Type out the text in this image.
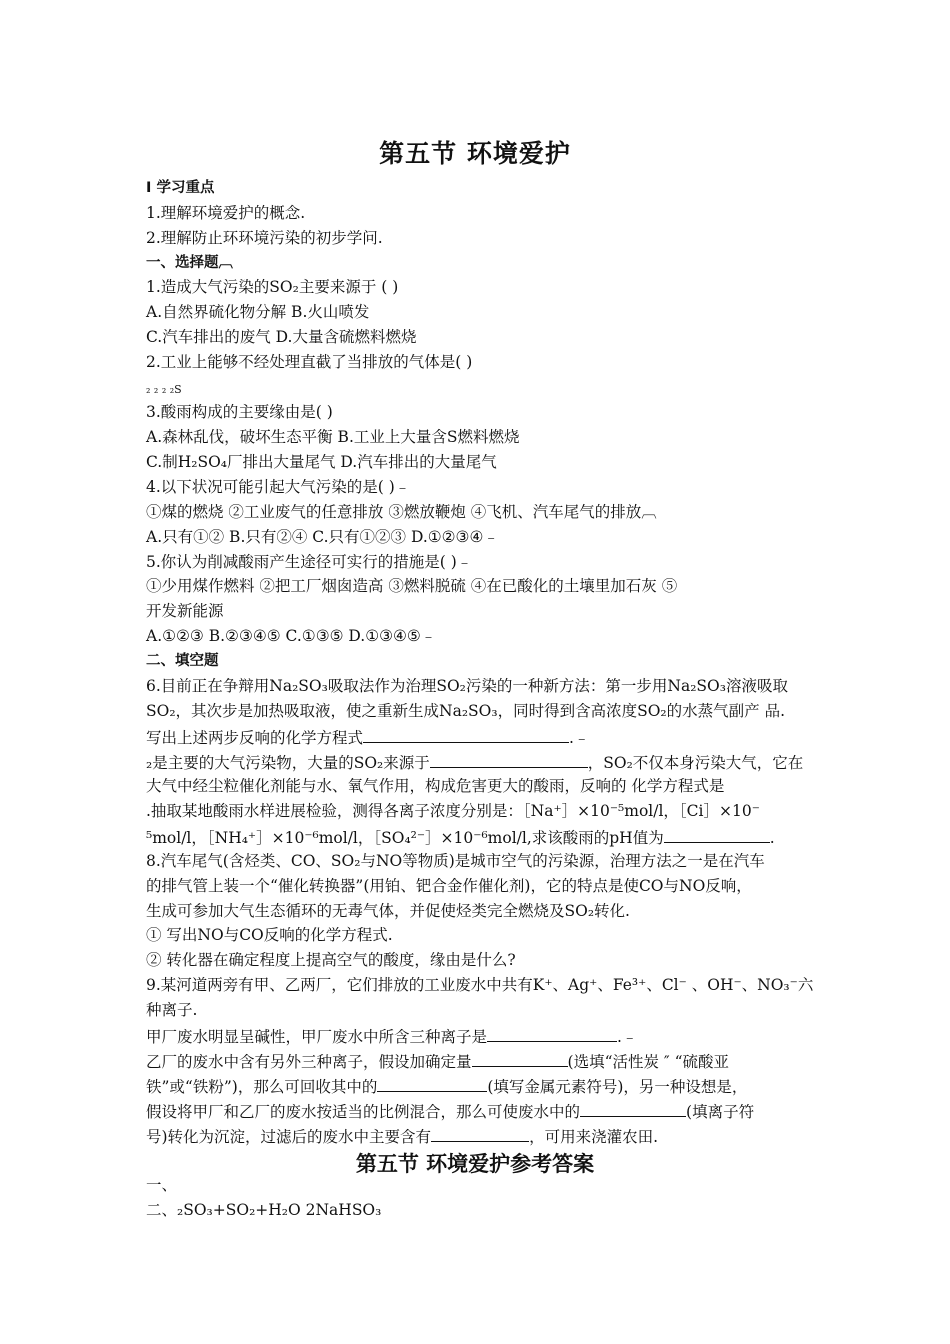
第五节 环境爱护
Ⅰ 学习重点
1.理解环境爱护的概念.
2.理解防止环环境污染的初步学问.
一、选择题︹
1.造成大气污染的SO₂主要来源于 ( )
A.自然界硫化物分解 B.火山喷发
C.汽车排出的废气 D.大量含硫燃料燃烧
2.工业上能够不经处理直截了当排放的气体是( )
₂ ₂ ₂ ₂S
3.酸雨构成的主要缘由是( )
A.森林乱伐，破坏生态平衡 B.工业上大量含S燃料燃烧
C.制H₂SO₄厂排出大量尾气 D.汽车排出的大量尾气
4.以下状况可能引起大气污染的是( )﹣
①煤的燃烧 ②工业废气的任意排放 ③燃放鞭炮 ④飞机、汽车尾气的排放︹
A.只有①② B.只有②④ C.只有①②③ D.①②③④﹣
5.你认为削减酸雨产生途径可实行的措施是( )﹣
①少用煤作燃料 ②把工厂烟囱造高 ③燃料脱硫 ④在已酸化的土壤里加石灰 ⑤
开发新能源
A.①②③ B.②③④⑤ C.①③⑤ D.①③④⑤﹣
二、填空题
6.目前正在争辩用Na₂SO₃吸取法作为治理SO₂污染的一种新方法：第一步用Na₂SO₃溶液吸取
SO₂，其次步是加热吸取液，使之重新生成Na₂SO₃，同时得到含高浓度SO₂的水蒸气副产 品.
写出上述两步反响的化学方程式	.﹣
₂是主要的大气污染物，大量的SO₂来源于	，SO₂不仅本身污染大气，它在
大气中经尘粒催化剂能与水、氧气作用，构成危害更大的酸雨，反响的 化学方程式是
.抽取某地酸雨水样进展检验，测得各离子浓度分别是：［Na⁺］×10⁻⁵mol/l，［Ci］×10⁻
⁵mol/l，［NH₄⁺］×10⁻⁶mol/l，［SO₄²⁻］×10⁻⁶mol/l,求该酸雨的pH值为	.
8.汽车尾气(含烃类、CO、SO₂与NO等物质)是城市空气的污染源，治理方法之一是在汽车
的排气管上装一个“催化转换器”(用铂、钯合金作催化剂)，它的特点是使CO与NO反响，
生成可参加大气生态循环的无毒气体，并促使烃类完全燃烧及SO₂转化.
① 写出NO与CO反响的化学方程式.
② 转化器在确定程度上提高空气的酸度，缘由是什么?
9.某河道两旁有甲、乙两厂，它们排放的工业废水中共有K⁺、Ag⁺、Fe³⁺、Cl⁻ 、OH⁻、NO₃⁻六
种离子.
甲厂废水明显呈碱性，甲厂废水中所含三种离子是	.﹣
乙厂的废水中含有另外三种离子，假设加确定量	(选填“活性炭 ″ “硫酸亚
铁”或“铁粉”)，那么可回收其中的	(填写金属元素符号)，另一种设想是，
假设将甲厂和乙厂的废水按适当的比例混合，那么可使废水中的	(填离子符
号)转化为沉淀，过滤后的废水中主要含有	，可用来浇灌农田.
第五节 环境爱护参考答案
一、
二、₂SO₃+SO₂+H₂O 2NaHSO₃
